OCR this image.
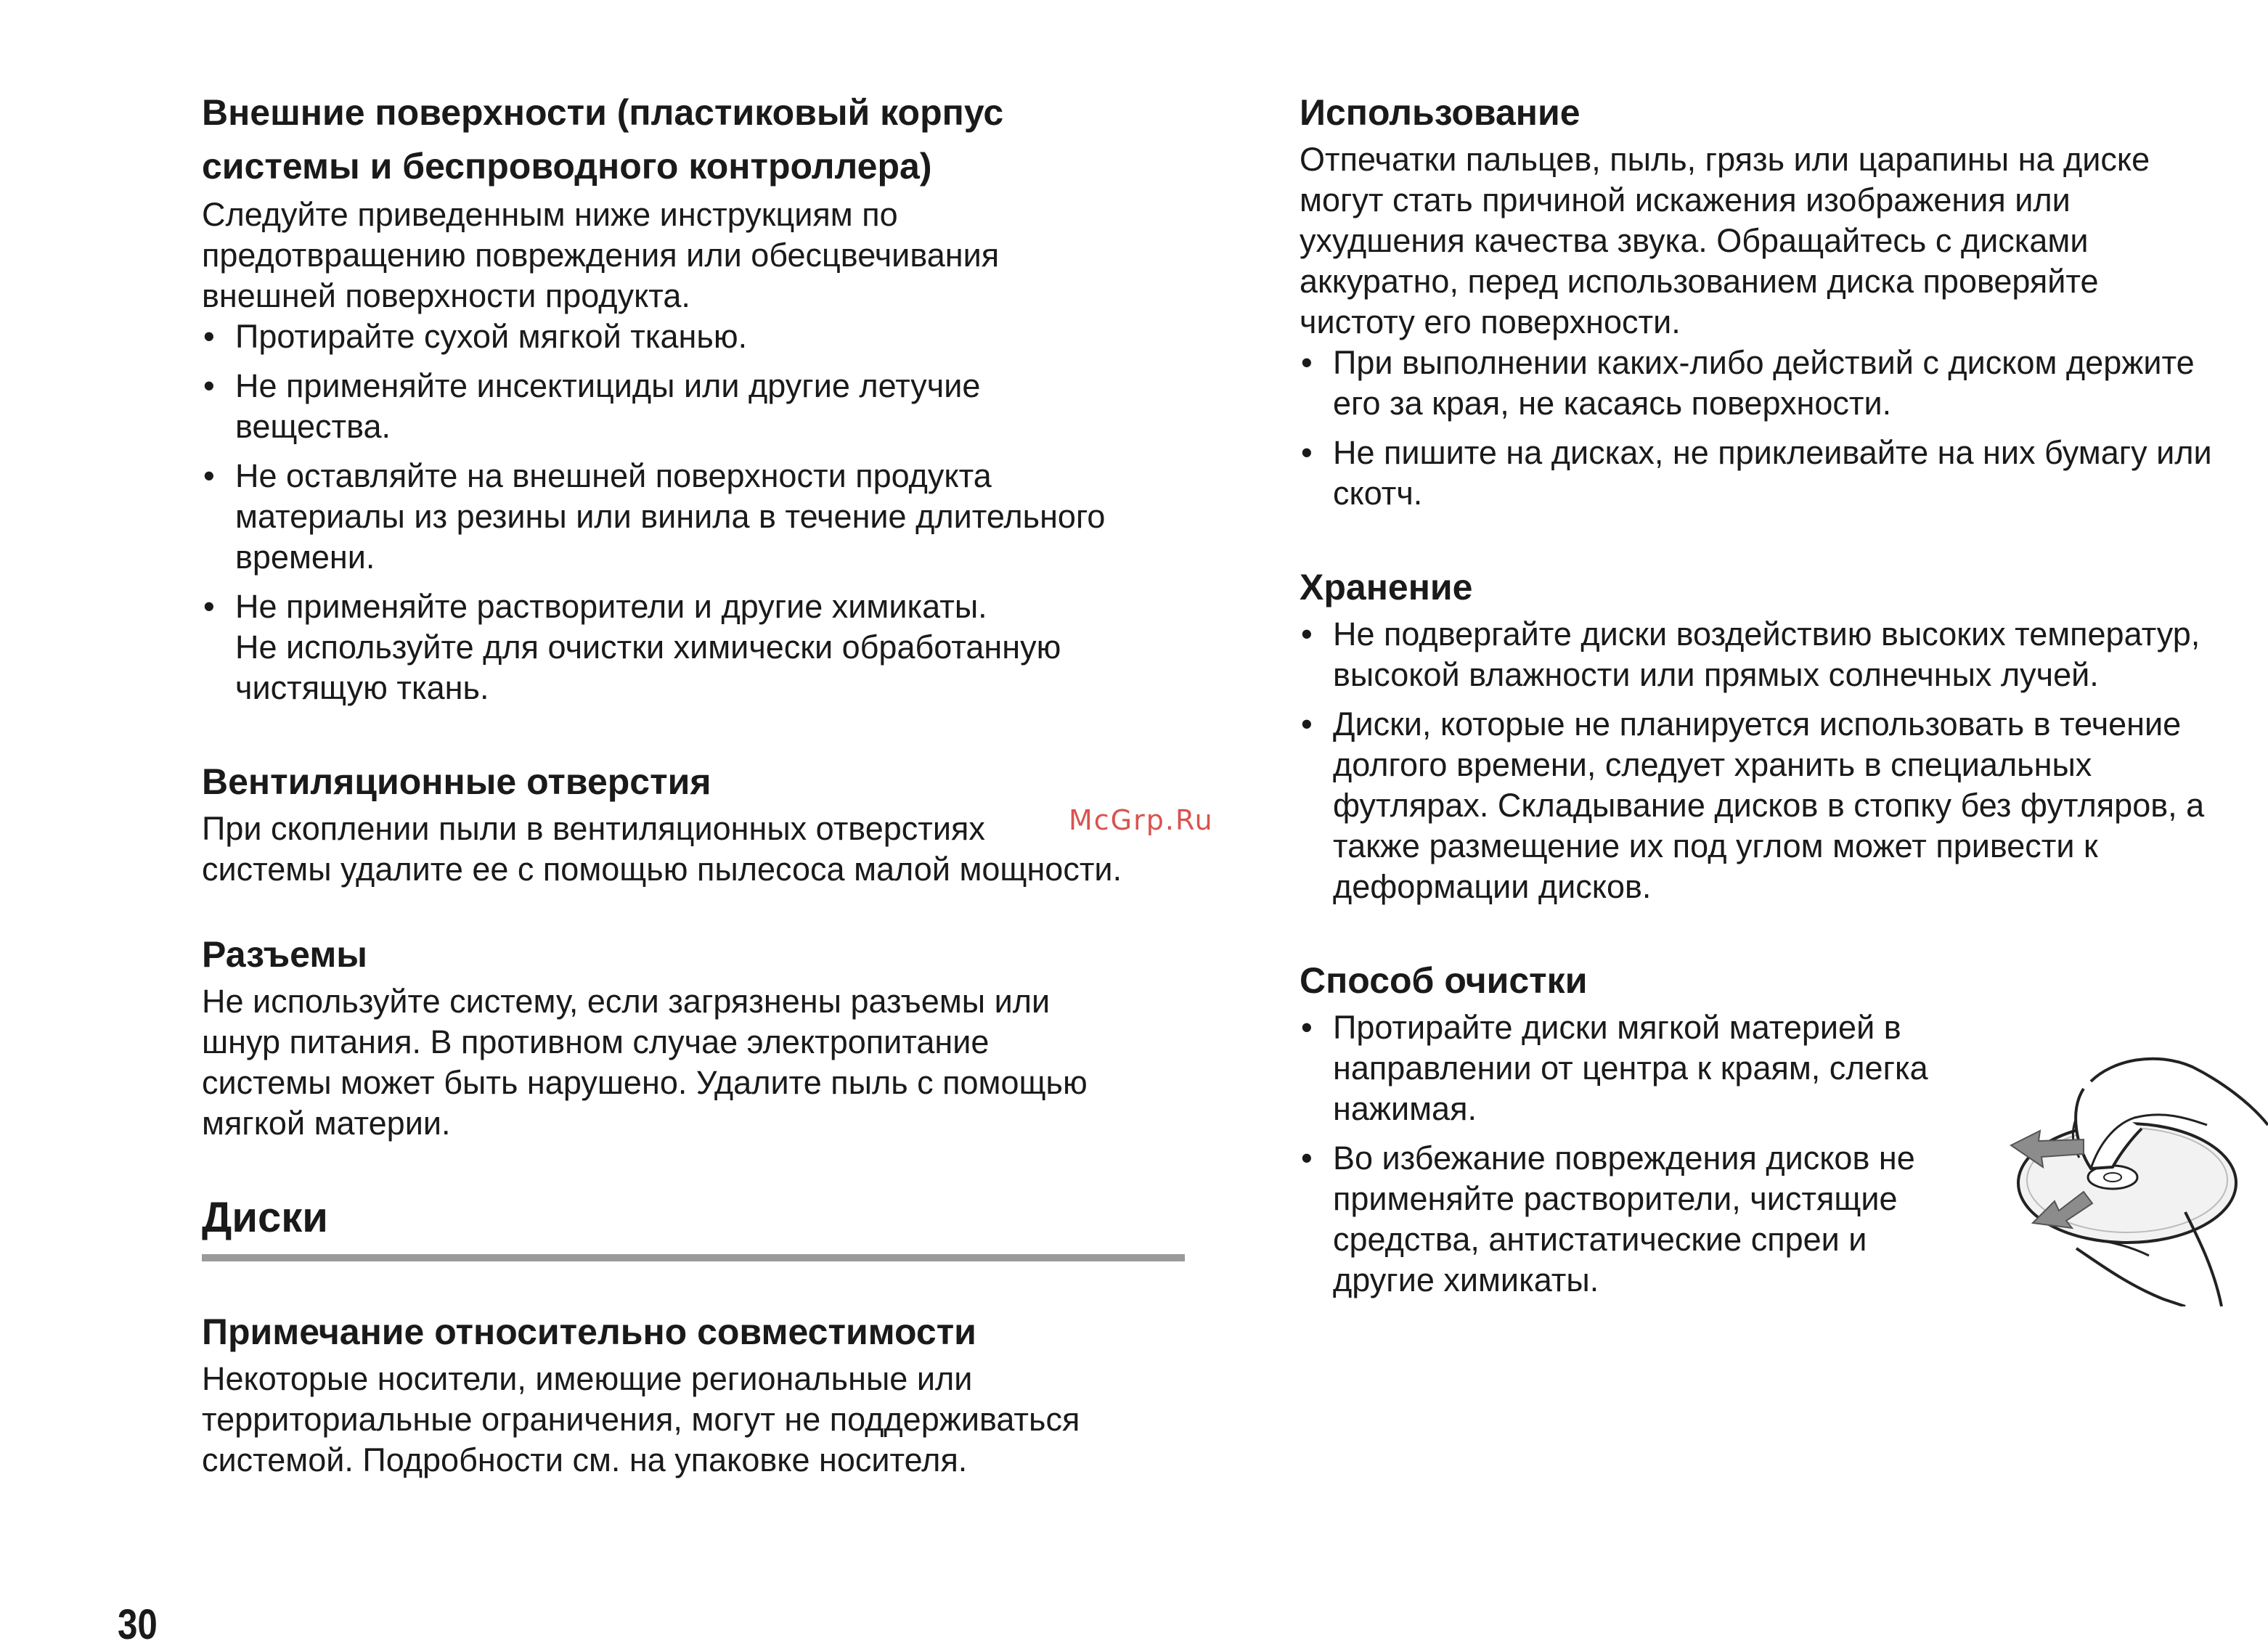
Внешние поверхности (пластиковый корпус
системы и беспроводного контроллера)

Следуйте приведенным ниже инструкциям по
предотвращению повреждения или обесцвечивания
внешней поверхности продукта.

• Протирайте сухой мягкой тканью.
• Не применяйте инсектициды или другие летучие
вещества.
• Не оставляйте на внешней поверхности продукта
материалы из резины или винила в течение длительного
времени.
• Не применяйте растворители и другие химикаты.
Не используйте для очистки химически обработанную
чистящую ткань.

Вентиляционные отверстия

При скоплении пыли в вентиляционных отверстиях
системы удалите ее с помощью пылесоса малой мощности.

Разъемы

Не используйте систему, если загрязнены разъемы или
шнур питания. В противном случае электропитание
системы может быть нарушено. Удалите пыль с помощью
мягкой материи.

Диски

Примечание относительно совместимости

Некоторые носители, имеющие региональные или
территориальные ограничения, могут не поддерживаться
системой. Подробности см. на упаковке носителя.

Использование

Отпечатки пальцев, пыль, грязь или царапины на диске
могут стать причиной искажения изображения или
ухудшения качества звука. Обращайтесь с дисками
аккуратно, перед использованием диска проверяйте
чистоту его поверхности.

• При выполнении каких-либо действий с диском держите
его за края, не касаясь поверхности.
• Не пишите на дисках, не приклеивайте на них бумагу или
скотч.

Хранение

• Не подвергайте диски воздействию высоких температур,
высокой влажности или прямых солнечных лучей.
• Диски, которые не планируется использовать в течение
долгого времени, следует хранить в специальных
футлярах. Складывание дисков в стопку без футляров, а
также размещение их под углом может привести к
деформации дисков.

Способ очистки

• Протирайте диски мягкой материей в
направлении от центра к краям, слегка
нажимая.
• Во избежание повреждения дисков не
применяйте растворители, чистящие
средства, антистатические спреи и
другие химикаты.
McGrp.Ru
30
